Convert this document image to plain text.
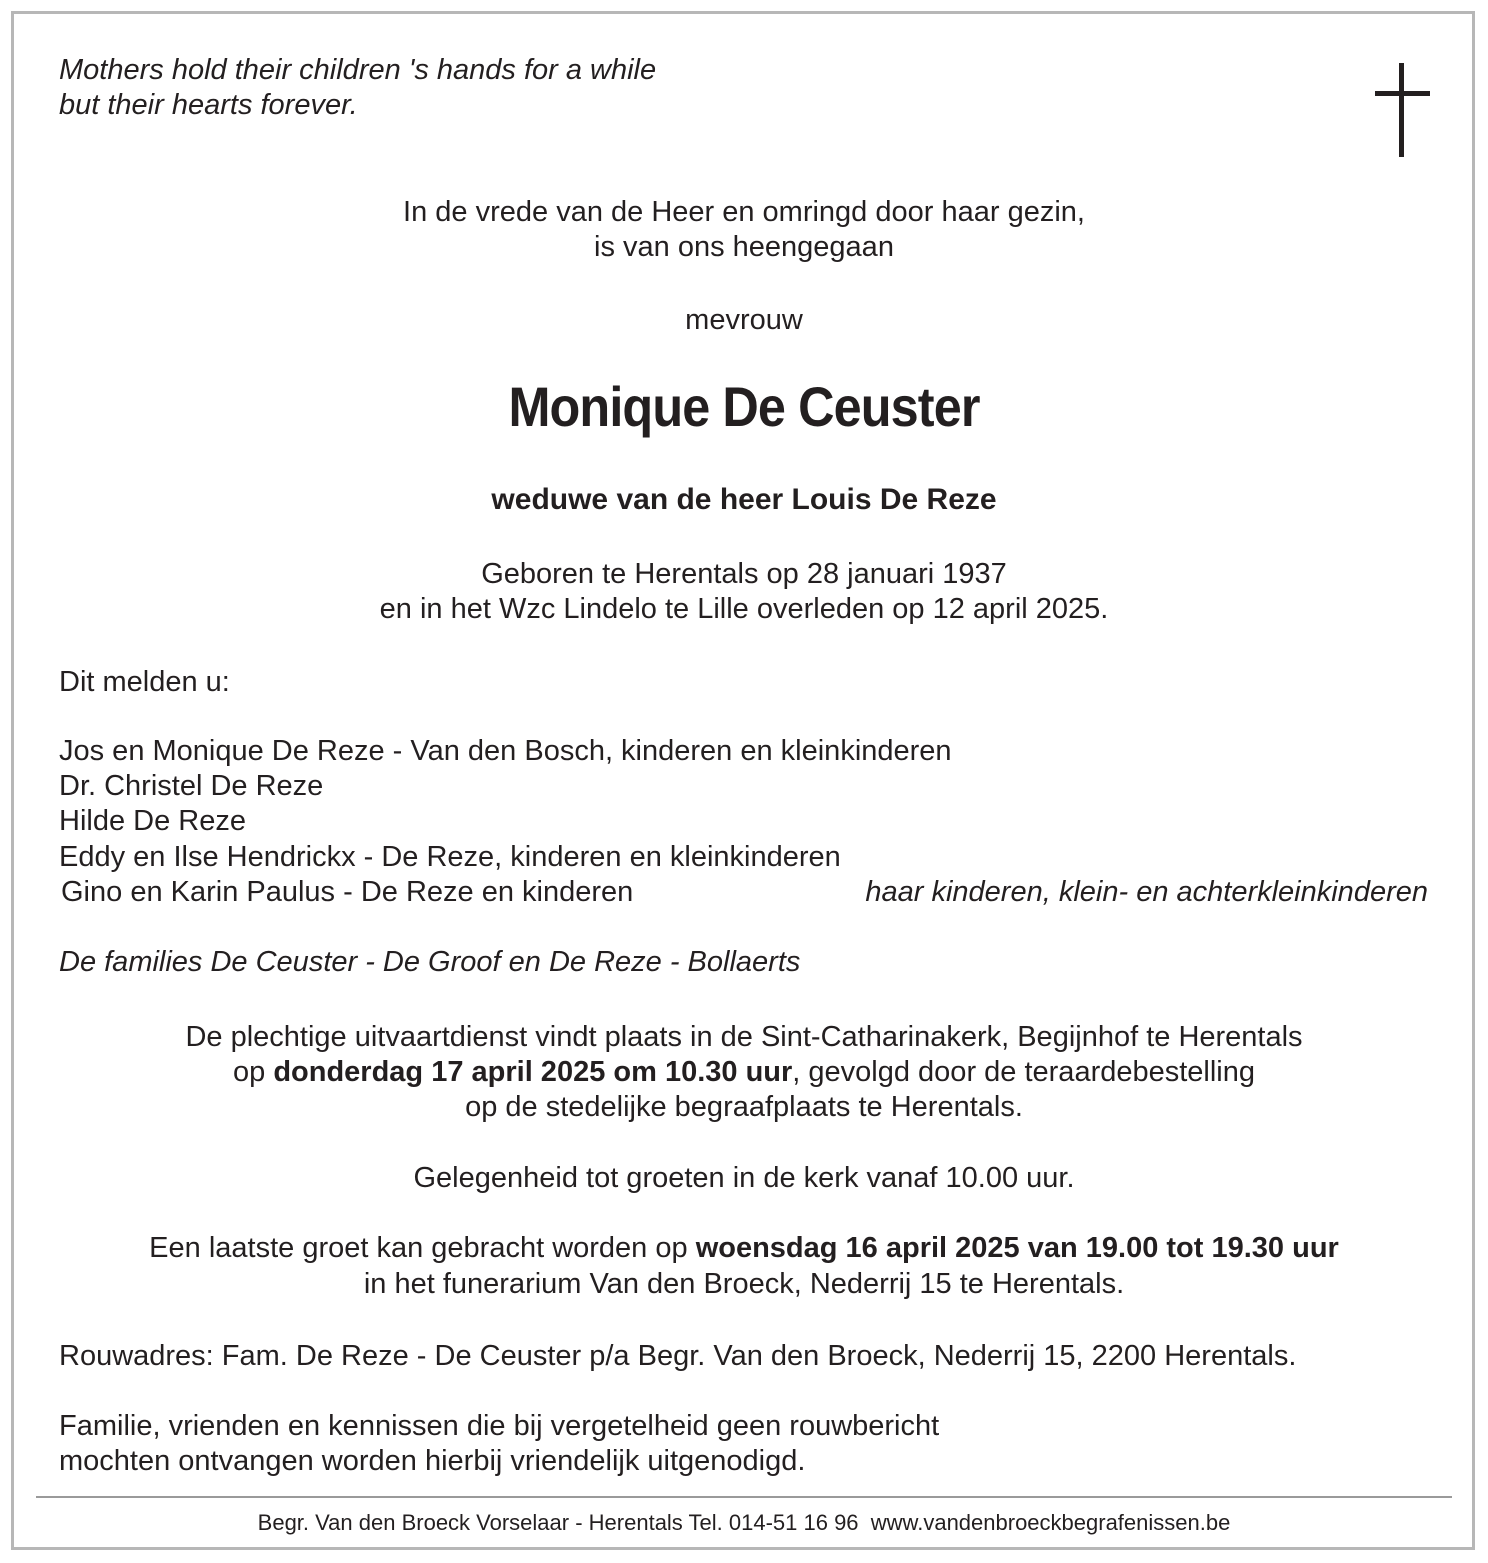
Mothers hold their children 's hands for a while
but their hearts forever.
In de vrede van de Heer en omringd door haar gezin,
is van ons heengegaan
mevrouw
Monique De Ceuster
weduwe van de heer Louis De Reze
Geboren te Herentals op 28 januari 1937
en in het Wzc Lindelo te Lille overleden op 12 april 2025.
Dit melden u:
Jos en Monique De Reze - Van den Bosch, kinderen en kleinkinderen
Dr. Christel De Reze
Hilde De Reze
Eddy en Ilse Hendrickx - De Reze, kinderen en kleinkinderen
Gino en Karin Paulus - De Reze en kinderen	haar kinderen, klein- en achterkleinkinderen
De families De Ceuster - De Groof en De Reze - Bollaerts
De plechtige uitvaartdienst vindt plaats in de Sint-Catharinakerk, Begijnhof te Herentals
op donderdag 17 april 2025 om 10.30 uur, gevolgd door de teraardebestelling
op de stedelijke begraafplaats te Herentals.
Gelegenheid tot groeten in de kerk vanaf 10.00 uur.
Een laatste groet kan gebracht worden op woensdag 16 april 2025 van 19.00 tot 19.30 uur
in het funerarium Van den Broeck, Nederrij 15 te Herentals.
Rouwadres: Fam. De Reze - De Ceuster p/a Begr. Van den Broeck, Nederrij 15, 2200 Herentals.
Familie, vrienden en kennissen die bij vergetelheid geen rouwbericht
mochten ontvangen worden hierbij vriendelijk uitgenodigd.
Begr. Van den Broeck Vorselaar - Herentals Tel. 014-51 16 96  www.vandenbroeckbegrafenissen.be
